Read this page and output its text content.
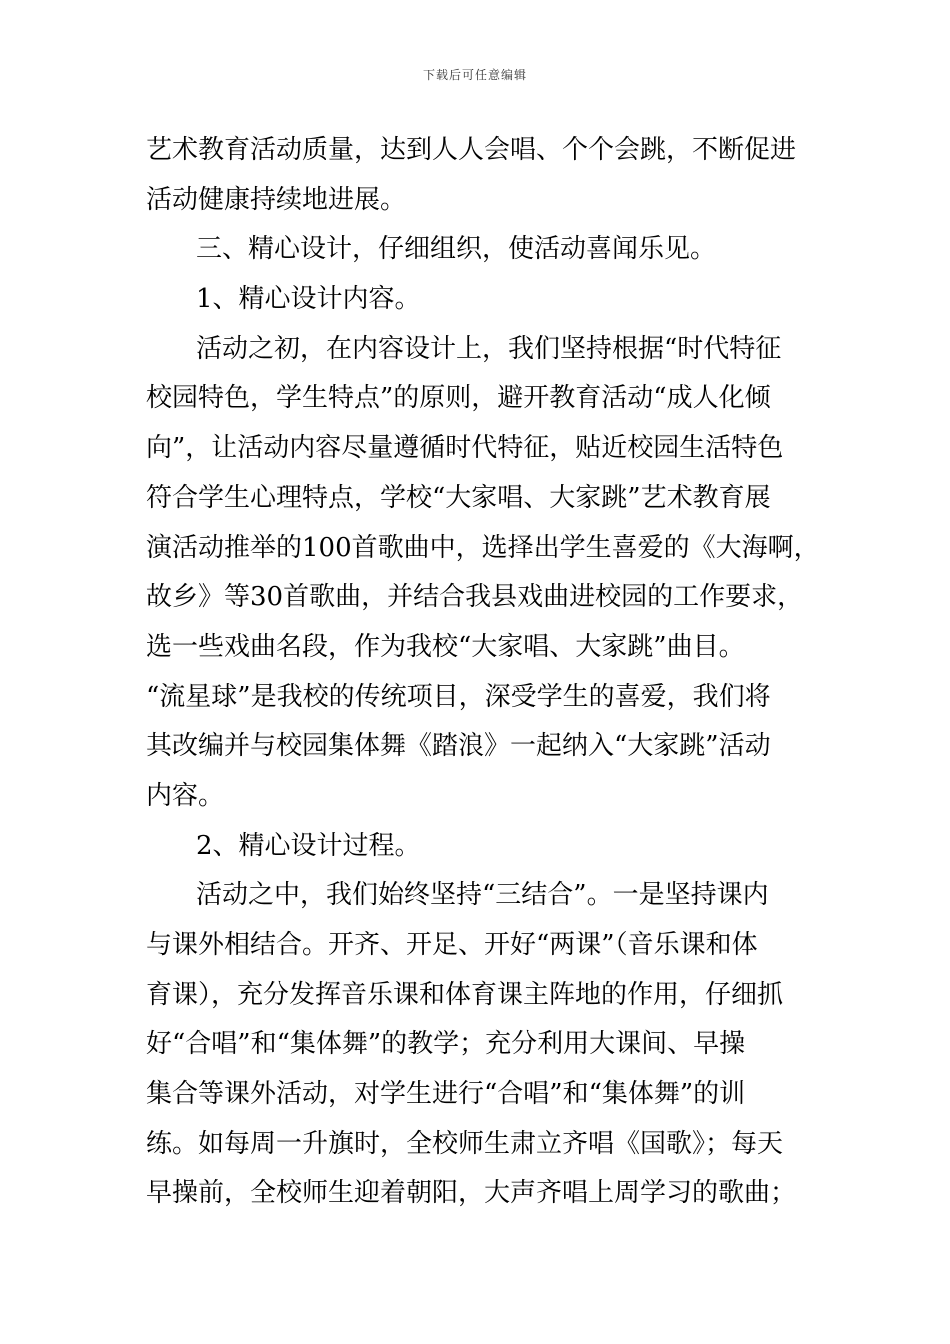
下载后可任意编辑
艺术教育活动质量，达到人人会唱、个个会跳，不断促进
活动健康持续地进展。
三、精心设计，仔细组织，使活动喜闻乐见。
1、精心设计内容。
活动之初，在内容设计上，我们坚持根据“时代特征
校园特色，学生特点”的原则，避开教育活动“成人化倾
向”，让活动内容尽量遵循时代特征，贴近校园生活特色
符合学生心理特点，学校“大家唱、大家跳”艺术教育展
演活动推举的100首歌曲中，选择出学生喜爱的《大海啊，
故乡》等30首歌曲，并结合我县戏曲进校园的工作要求，
选一些戏曲名段，作为我校“大家唱、大家跳”曲目。
“流星球”是我校的传统项目，深受学生的喜爱，我们将
其改编并与校园集体舞《踏浪》一起纳入“大家跳”活动
内容。
2、精心设计过程。
活动之中，我们始终坚持“三结合”。一是坚持课内
与课外相结合。开齐、开足、开好“两课”（音乐课和体
育课），充分发挥音乐课和体育课主阵地的作用，仔细抓
好“合唱”和“集体舞”的教学；充分利用大课间、早操
集合等课外活动，对学生进行“合唱”和“集体舞”的训
练。如每周一升旗时，全校师生肃立齐唱《国歌》；每天
早操前，全校师生迎着朝阳，大声齐唱上周学习的歌曲；
